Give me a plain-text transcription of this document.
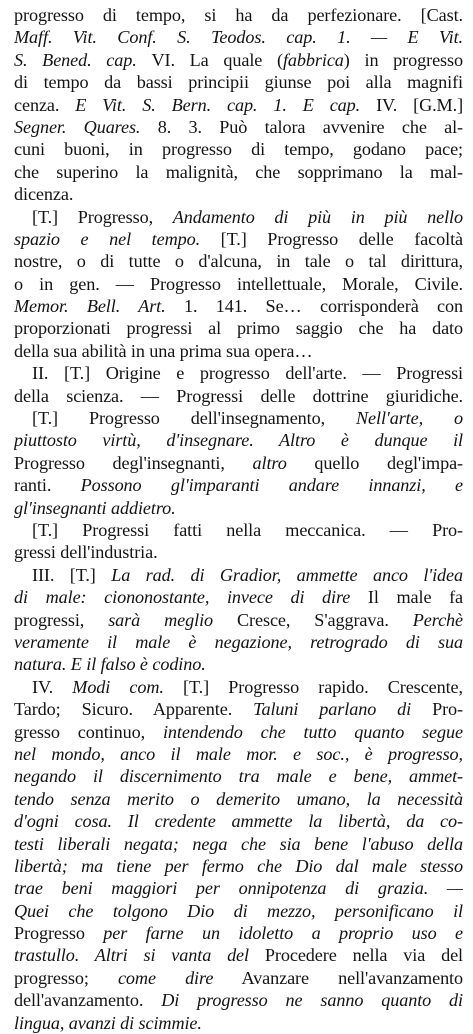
progresso di tempo, si ha da perfezionare. [Cast.
Maff. Vit. Conf. S. Teodos. cap. 1. — E Vit.
S. Bened. cap. VI. La quale (fabbrica) in progresso
di tempo da bassi principii giunse poi alla magnifi
cenza. E Vit. S. Bern. cap. 1. E cap. IV. [G.M.]
Segner. Quares. 8. 3. Può talora avvenire che al-
cuni buoni, in progresso di tempo, godano pace;
che superino la malignità, che sopprimano la mal-
dicenza.
[T.] Progresso, Andamento di più in più nello
spazio e nel tempo. [T.] Progresso delle facoltà
nostre, o di tutte o d'alcuna, in tale o tal dirittura,
o in gen. — Progresso intellettuale, Morale, Civile.
Memor. Bell. Art. 1. 141. Se… corrisponderà con
proporzionati progressi al primo saggio che ha dato
della sua abilità in una prima sua opera…
II. [T.] Origine e progresso dell'arte. — Progressi
della scienza. — Progressi delle dottrine giuridiche.
[T.] Progresso dell'insegnamento, Nell'arte, o
piuttosto virtù, d'insegnare. Altro è dunque il
Progresso degl'insegnanti, altro quello degl'impa-
ranti. Possono gl'imparanti andare innanzi, e
gl'insegnanti addietro.
[T.] Progressi fatti nella meccanica. — Pro-
gressi dell'industria.
III. [T.] La rad. di Gradior, ammette anco l'idea
di male: ciononostante, invece di dire Il male fa
progressi, sarà meglio Cresce, S'aggrava. Perchè
veramente il male è negazione, retrogrado di sua
natura. E il falso è codino.
IV. Modi com. [T.] Progresso rapido. Crescente,
Tardo; Sicuro. Apparente. Taluni parlano di Pro-
gresso continuo, intendendo che tutto quanto segue
nel mondo, anco il male mor. e soc., è progresso,
negando il discernimento tra male e bene, ammet-
tendo senza merito o demerito umano, la necessità
d'ogni cosa. Il credente ammette la libertà, da co-
testi liberali negata; nega che sia bene l'abuso della
libertà; ma tiene per fermo che Dio dal male stesso
trae beni maggiori per onnipotenza di grazia. —
Quei che tolgono Dio di mezzo, personificano il
Progresso per farne un idoletto a proprio uso e
trastullo. Altri si vanta del Procedere nella via del
progresso; come dire Avanzare nell'avanzamento
dell'avanzamento. Di progresso ne sanno quanto di
lingua, avanzi di scimmie.
